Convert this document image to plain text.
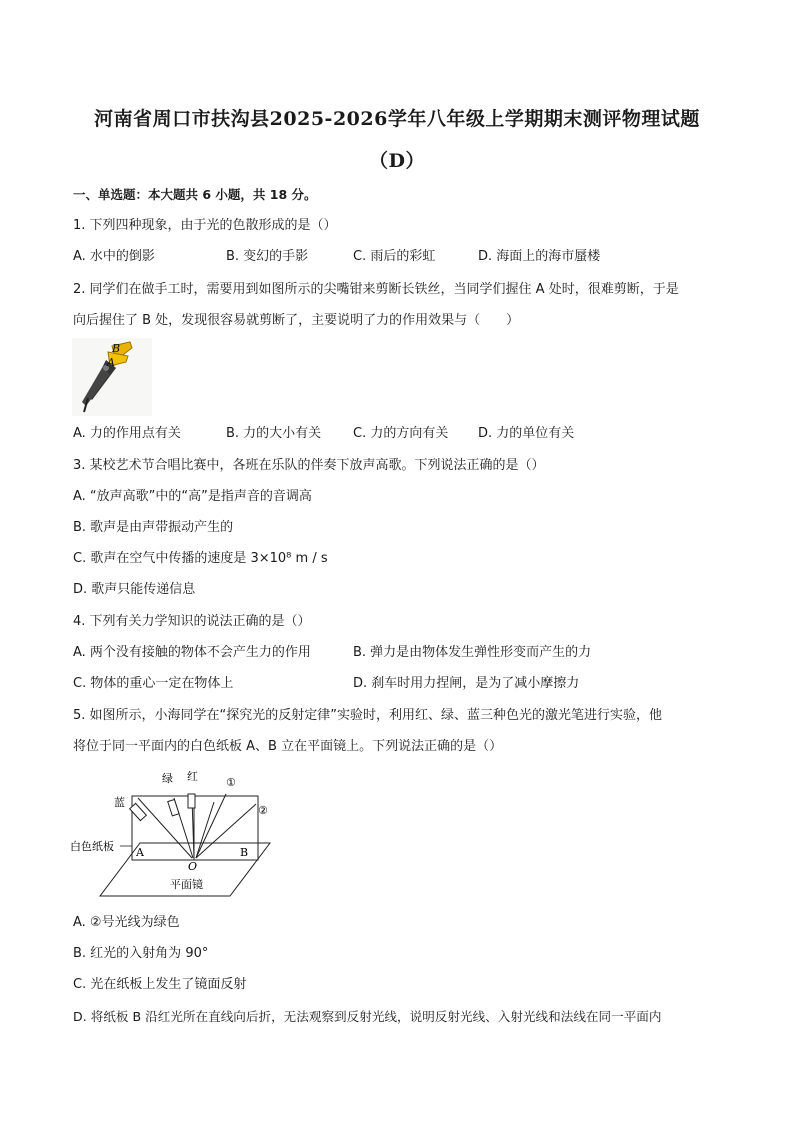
河南省周口市扶沟县2025-2026学年八年级上学期期末测评物理试题
（D）
一、单选题：本大题共 6 小题，共 18 分。
1. 下列四种现象，由于光的色散形成的是（）
A. 水中的倒影	B. 变幻的手影	C. 雨后的彩虹	D. 海面上的海市蜃楼
2. 同学们在做手工时，需要用到如图所示的尖嘴钳来剪断长铁丝，当同学们握住 A 处时，很难剪断，于是
向后握住了 B 处，发现很容易就剪断了，主要说明了力的作用效果与（　　）
B
A
A. 力的作用点有关	B. 力的大小有关 C. 力的方向有关 D. 力的单位有关
3. 某校艺术节合唱比赛中，各班在乐队的伴奏下放声高歌。下列说法正确的是（）
A. “放声高歌”中的“高”是指声音的音调高
B. 歌声是由声带振动产生的
C. 歌声在空气中传播的速度是 3×10⁸ m / s
D. 歌声只能传递信息
4. 下列有关力学知识的说法正确的是（）
A. 两个没有接触的物体不会产生力的作用	B. 弹力是由物体发生弹性形变而产生的力
C. 物体的重心一定在物体上	D. 刹车时用力捏闸，是为了减小摩擦力
5. 如图所示，小海同学在“探究光的反射定律”实验时，利用红、绿、蓝三种色光的激光笔进行实验，他
将位于同一平面内的白色纸板 A、B 立在平面镜上。下列说法正确的是（）
绿 红
蓝
①
②
白色纸板 A	B
O
平面镜
A. ②号光线为绿色
B. 红光的入射角为 90°
C. 光在纸板上发生了镜面反射
D. 将纸板 B 沿红光所在直线向后折，无法观察到反射光线，说明反射光线、入射光线和法线在同一平面内
